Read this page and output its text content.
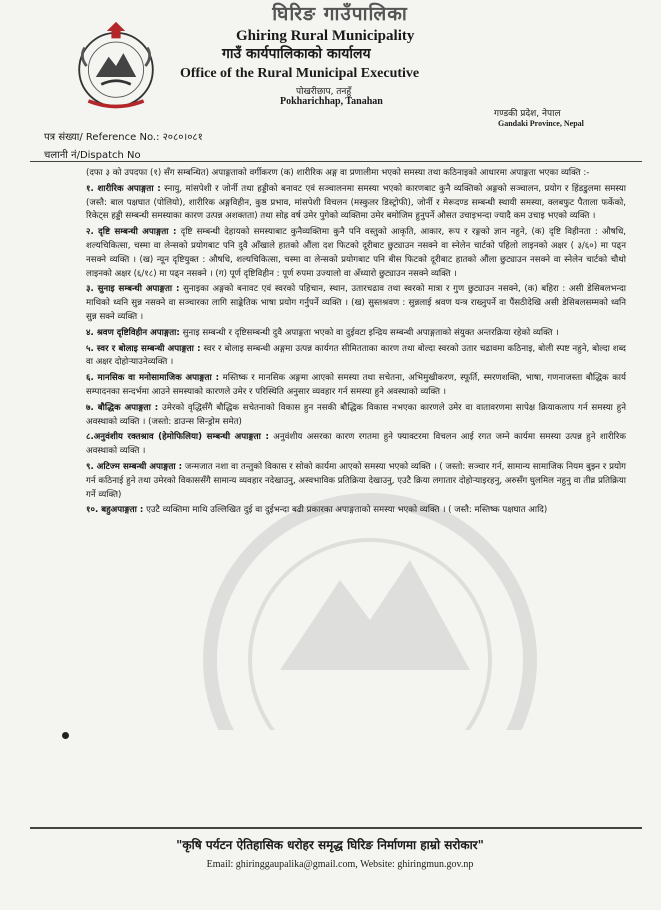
घिरिङ गाउँपालिका
Ghiring Rural Municipality
गाउँ कार्यपालिकाको कार्यालय
Office of the Rural Municipal Executive
पोखरीछाप, तनहुँ
Pokharichhap, Tanahan
गण्डकी प्रदेश, नेपाल
Gandaki Province, Nepal
पत्र संख्या/ Reference No.: २०८०।०८१
चलानी नं/Dispatch No

(दफा ३ को उपदफा (१) सँग सम्बन्धित) अपाङ्गताको वर्गीकरण (क) शारीरिक अङ्ग वा प्रणालीमा भएको समस्या तथा कठिनाइको आधारमा अपाङ्गता भएका व्यक्ति :-

१. शारीरिक अपाङ्गता : स्नायु, मांसपेशी र जोर्नी तथा हड्डीको बनावट एवं सञ्चालनमा समस्या भएको कारणबाट कुनै व्यक्तिको अङ्गको सञ्चालन, प्रयोग र हिंडडुलमा समस्या (जस्तै: बाल पक्षघात (पोलियो), शारीरिक अङ्गविहीन, कुष्ठ प्रभाव, मांसपेशी विचलन (मस्कुलर डिस्ट्रोफी), जोर्नी र मेरूदण्ड सम्बन्धी स्थायी समस्या, क्लबफुट पैताला फर्केको, रिकेट्स हड्डी सम्बन्धी समस्याका कारण उत्पन्न अशक्तता) तथा सोह्र वर्ष उमेर पुगेको व्यक्तिमा उमेर बमोजिम हुनुपर्ने औसत उचाइभन्दा ज्यादै कम उचाइ भएको व्यक्ति ।

२. दृष्टि सम्बन्धी अपाङ्गता : दृष्टि सम्बन्धी देहायको समस्याबाट कुनैव्यक्तिमा कुनै पनि वस्तुको आकृति, आकार, रूप र रङ्गको ज्ञान नहुने, (क) दृष्टि विहीनता : औषधि, शल्यचिकित्सा, चस्मा वा लेन्सको प्रयोगबाट पनि दुवै आँखाले हातको औंला दश फिटको दूरीबाट छुट्याउन नसक्ने वा स्नेलेन चार्टको पहिलो लाइनको अक्षर ( ३/६०) मा पढ्न नसक्ने व्यक्ति । (ख) न्यून दृष्टियुक्त : औषधि, शल्यचिकित्सा, चस्मा वा लेन्सको प्रयोगबाट पनि बीस फिटको दूरीबाट हातको औंला छुट्याउन नसक्ने वा स्नेलेन चार्टको चौथो लाइनको अक्षर (६/१८) मा पढ्न नसक्ने । (ग) पूर्ण दृष्टिविहीन : पूर्ण रुपमा उज्यालो वा अँध्यारो छुट्याउन नसक्ने व्यक्ति ।

३. सुनाइ सम्बन्धी अपाङ्गता : सुनाइका अङ्गको बनावट एवं स्वरको पहिचान, स्थान, उतारचढाव तथा स्वरको मात्रा र गुण छुट्याउन नसक्ने, (क) बहिरा : असी डेसिबलभन्दा माथिको ध्वनि सुन्न नसक्ने वा सञ्चारका लागि साङ्केतिक भाषा प्रयोग गर्नुपर्ने व्यक्ति । (ख) सुस्तश्रवण : सुन्नलाई श्रवण यन्त्र राख्नुपर्ने वा पैंसठीदेखि असी डेसिबलसम्मको ध्वनि सुन्न सक्ने व्यक्ति ।

४. श्रवण दृष्टिविहीन अपाङ्गता: सुनाइ सम्बन्धी र दृष्टिसम्बन्धी दुवै अपाङ्गता भएको वा दुईवटा इन्द्रिय सम्बन्धी अपाङ्गताको संयुक्त अन्तरक्रिया रहेको व्यक्ति ।

५. स्वर र बोलाइ सम्बन्धी अपाङ्गता : स्वर र बोलाइ सम्बन्धी अङ्गमा उत्पन्न कार्यगत सीमितताका कारण तथा बोल्दा स्वरको उतार चढावमा कठिनाइ, बोली स्पष्ट नहुने, बोल्दा शब्द वा अक्षर दोहोर्‍याउनेव्यक्ति ।

६. मानसिक वा मनोसामाजिक अपाङ्गता : मस्तिष्क र मानसिक अङ्गमा आएको समस्या तथा सचेतना, अभिमुखीकरण, स्फूर्ति, स्मरणशक्ति, भाषा, गणनाजस्ता बौद्धिक कार्य सम्पादनका सन्दर्भमा आउने समस्याको कारणले उमेर र परिस्थिति अनुसार व्यवहार गर्न समस्या हुने अवस्थाको व्यक्ति ।

७. बौद्धिक अपाङ्गता : उमेरको वृद्धिसँगै बौद्धिक सचेतनाको विकास हुन नसकी बौद्धिक विकास नभएका कारणले उमेर वा वातावरणमा सापेक्ष क्रियाकलाप गर्न समस्या हुने अवस्थाको व्यक्ति । (जस्तो: डाउन्स सिन्ड्रोम समेत)

८.अनुवंशीय रक्तश्राव (हेमोफिलिया) सम्बन्धी अपाङ्गता : अनुवंशीय असरका कारण रगतमा हुने फ्याक्टरमा विचलन आई रगत जम्ने कार्यमा समस्या उत्पन्न हुने शारीरिक अवस्थाको व्यक्ति ।

९. अटिज्म सम्बन्धी अपाङ्गता : जन्मजात नशा वा तन्तुको विकास र सोको कार्यमा आएको समस्या भएको व्यक्ति । ( जस्तो: सञ्चार गर्न, सामान्य सामाजिक नियम बुझ्न र प्रयोग गर्न कठिनाई हुने तथा उमेरको विकाससँगै सामान्य व्यवहार नदेखाउनु, अस्वभाविक प्रतिक्रिया देखाउनु, एउटै क्रिया लगातार दोहोर्‍याइरहनु, अरुसँग घुलमिल नहुनु वा तीव्र प्रतिक्रिया गर्ने व्यक्ति)

१०. बहुअपाङ्गता : एउटै व्यक्तिमा माथि उल्लिखित दुई वा दुईभन्दा बढी प्रकारका अपाङ्गताको समस्या भएको व्यक्ति । ( जस्तै: मस्तिष्क पक्षघात आदि)

"कृषि पर्यटन ऐतिहासिक धरोहर समृद्ध घिरिङ निर्माणमा हाम्रो सरोकार"
Email: ghiringgaupalika@gmail.com, Website: ghiringmun.gov.np
